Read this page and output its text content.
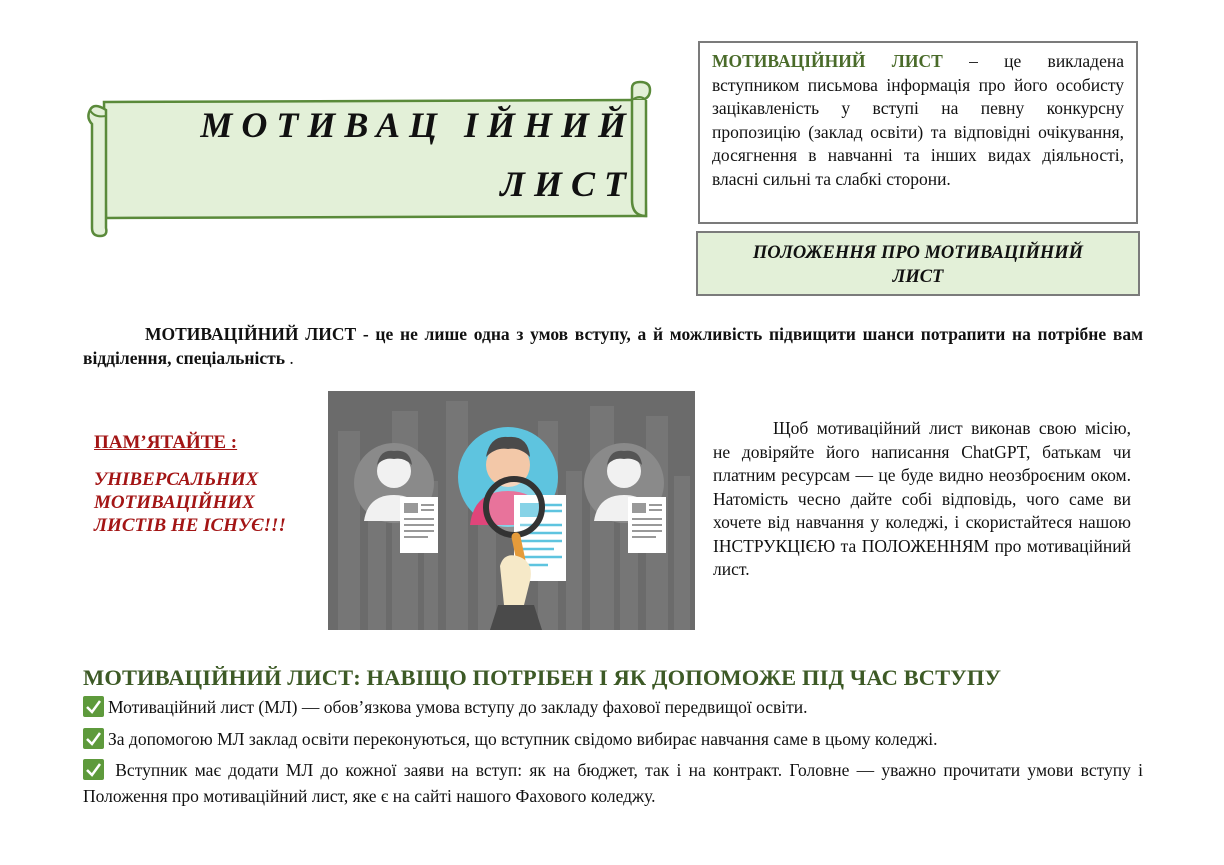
МОТИВАЦ ІЙНИЙ
ЛИСТ
МОТИВАЦІЙНИЙ ЛИСТ – це викладена вступником письмова інформація про його особисту зацікавленість у вступі на певну конкурсну пропозицію (заклад освіти) та відповідні очікування, досягнення в навчанні та інших видах діяльності, власні сильні та слабкі сторони.
ПОЛОЖЕННЯ ПРО МОТИВАЦІЙНИЙ ЛИСТ
МОТИВАЦІЙНИЙ ЛИСТ - це не лише одна з умов вступу, а й можливість підвищити шанси потрапити на потрібне вам відділення, спеціальність .
ПАМ’ЯТАЙТЕ :
УНІВЕРСАЛЬНИХ МОТИВАЦІЙНИХ ЛИСТІВ НЕ ІСНУЄ!!!
Щоб мотиваційний лист виконав свою місію, не довіряйте його написання ChatGPT, батькам чи платним ресурсам — це буде видно неозброєним оком. Натомість чесно дайте собі відповідь, чого саме ви хочете від навчання у коледжі, і скористайтеся нашою ІНСТРУКЦІЄЮ та ПОЛОЖЕННЯМ про мотиваційний лист.
МОТИВАЦІЙНИЙ ЛИСТ: НАВІЩО ПОТРІБЕН І ЯК ДОПОМОЖЕ ПІД ЧАС ВСТУПУ
Мотиваційний лист (МЛ) — обов’язкова умова вступу до закладу фахової передвищої освіти.
За допомогою МЛ заклад освіти переконуються, що вступник свідомо вибирає навчання саме в цьому коледжі.
Вступник має додати МЛ до кожної заяви на вступ: як на бюджет, так і на контракт. Головне — уважно прочитати умови вступу і Положення про мотиваційний лист, яке є на сайті нашого Фахового коледжу.
